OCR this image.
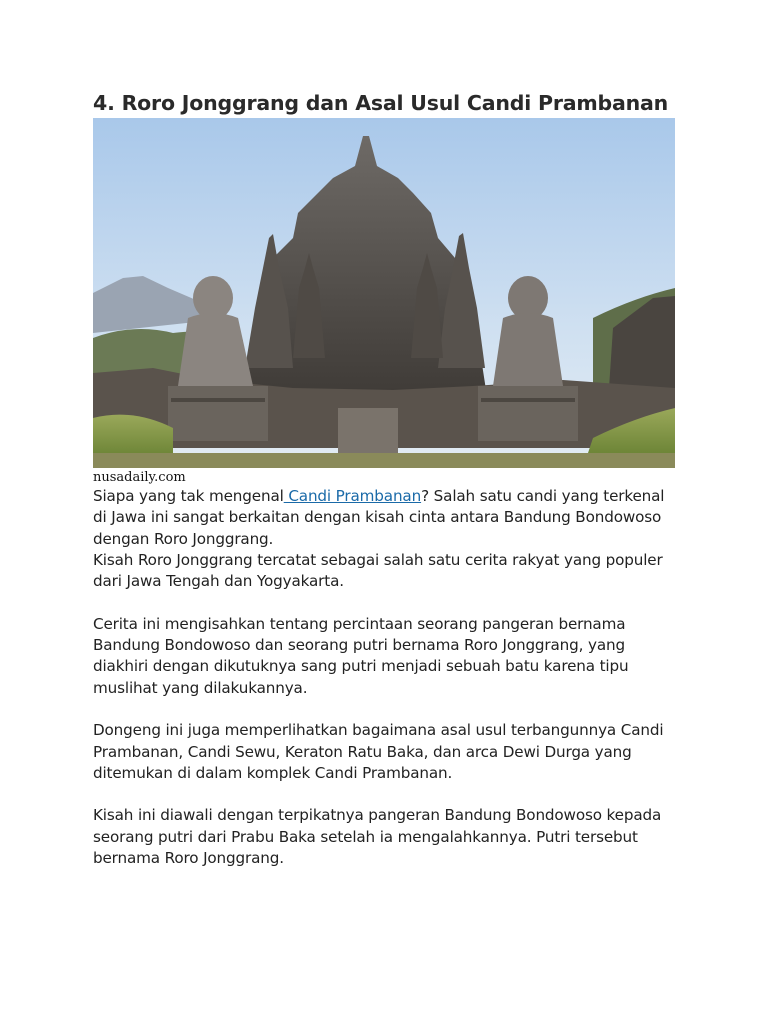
4. Roro Jonggrang dan Asal Usul Candi Prambanan
nusadaily.com

Siapa yang tak mengenal Candi Prambanan? Salah satu candi yang terkenal di Jawa ini sangat berkaitan dengan kisah cinta antara Bandung Bondowoso dengan Roro Jonggrang.

Kisah Roro Jonggrang tercatat sebagai salah satu cerita rakyat yang populer dari Jawa Tengah dan Yogyakarta.

Cerita ini mengisahkan tentang percintaan seorang pangeran bernama Bandung Bondowoso dan seorang putri bernama Roro Jonggrang, yang diakhiri dengan dikutuknya sang putri menjadi sebuah batu karena tipu muslihat yang dilakukannya.

Dongeng ini juga memperlihatkan bagaimana asal usul terbangunnya Candi Prambanan, Candi Sewu, Keraton Ratu Baka, dan arca Dewi Durga yang ditemukan di dalam komplek Candi Prambanan.

Kisah ini diawali dengan terpikatnya pangeran Bandung Bondowoso kepada seorang putri dari Prabu Baka setelah ia mengalahkannya. Putri tersebut bernama Roro Jonggrang.
